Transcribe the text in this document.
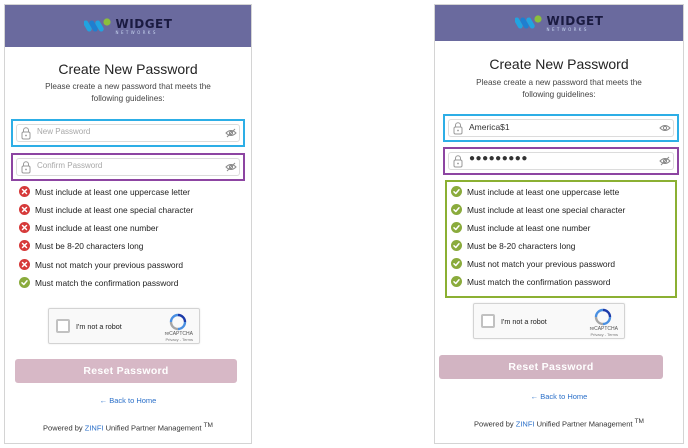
WIDGET
NETWORKS
Create New Password
Please create a new password that meets the
following guidelines:
New Password
Confirm Password
Must include at least one uppercase letter
Must include at least one special character
Must include at least one number
Must be 8-20 characters long
Must not match your previous password
Must match the confirmation password
I'm not a robot
reCAPTCHA
Privacy - Terms
Reset Password
← Back to Home
Powered by ZINFI Unified Partner Management ™
WIDGET
NETWORKS
Create New Password
Please create a new password that meets the
following guidelines:
America$1
●●●●●●●●●
Must include at least one uppercase lette
Must include at least one special character
Must include at least one number
Must be 8-20 characters long
Must not match your previous password
Must match the confirmation password
I'm not a robot
reCAPTCHA
Privacy - Terms
Reset Password
← Back to Home
Powered by ZINFI Unified Partner Management ™
